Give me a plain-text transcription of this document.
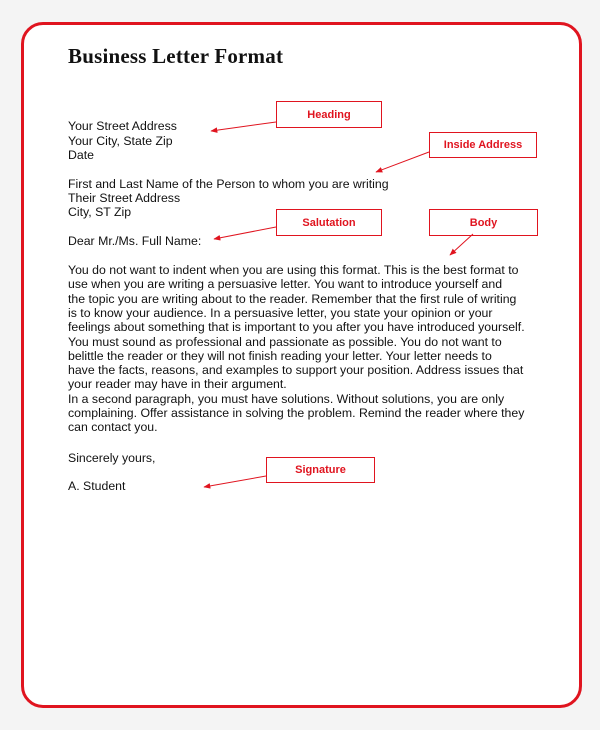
Business Letter Format
Your Street Address
Your City, State Zip
Date
First and Last Name of the Person to whom you are writing
Their Street Address
City, ST Zip
Dear Mr./Ms. Full Name:
You do not want to indent when you are using this format. This is the best format to
use when you are writing a persuasive letter. You want to introduce yourself and
the topic you are writing about to the reader. Remember that the first rule of writing
is to know your audience. In a persuasive letter, you state your opinion or your
feelings about something that is important to you after you have introduced yourself.
You must sound as professional and passionate as possible. You do not want to
belittle the reader or they will not finish reading your letter. Your letter needs to
have the facts, reasons, and examples to support your position. Address issues that
your reader may have in their argument.
In a second paragraph, you must have solutions. Without solutions, you are only
complaining. Offer assistance in solving the problem. Remind the reader where they
can contact you.
Sincerely yours,
A. Student
Heading
Inside Address
Salutation	Body
Signature
